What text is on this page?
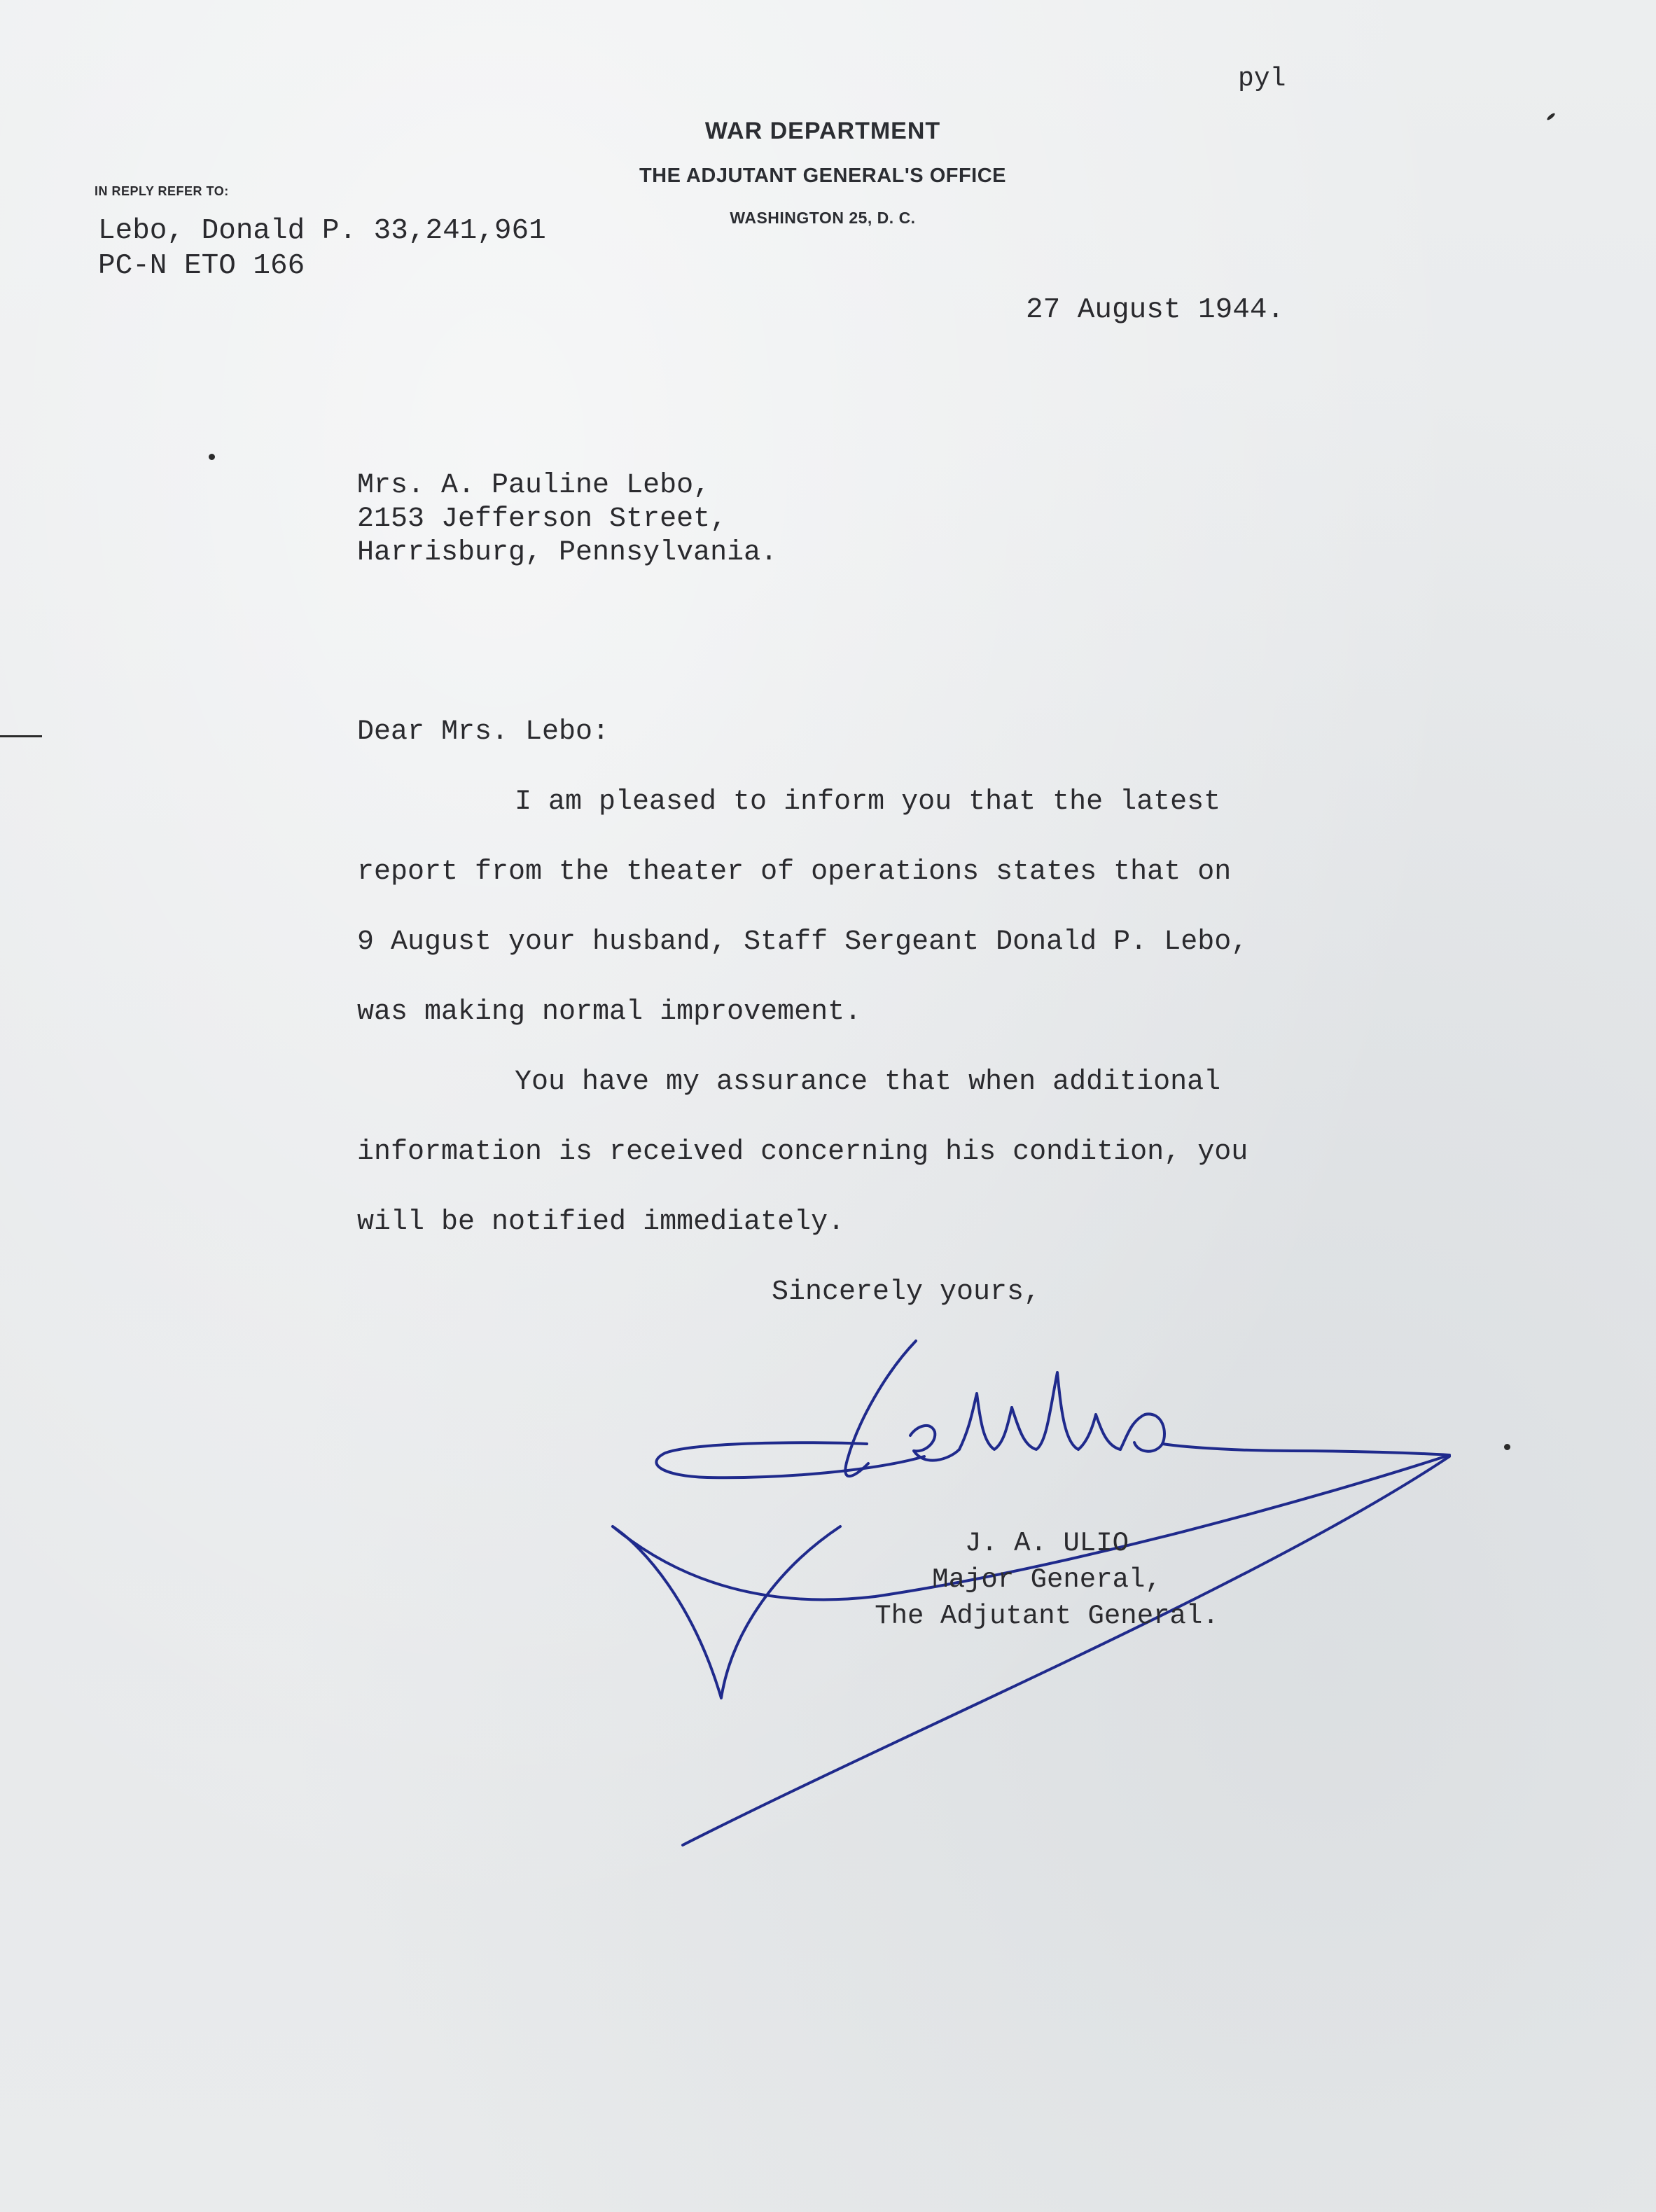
pyl
WAR DEPARTMENT
THE ADJUTANT GENERAL'S OFFICE
WASHINGTON 25, D. C.
IN REPLY REFER TO:
Lebo, Donald P. 33,241,961
PC-N ETO 166
27 August 1944.
Mrs. A. Pauline Lebo,
2153 Jefferson Street,
Harrisburg, Pennsylvania.
Dear Mrs. Lebo:
I am pleased to inform you that the latest
report from the theater of operations states that on
9 August your husband, Staff Sergeant Donald P. Lebo,
was making normal improvement.
You have my assurance that when additional
information is received concerning his condition, you
will be notified immediately.
Sincerely yours,
J. A. ULIO
Major General,
The Adjutant General.
